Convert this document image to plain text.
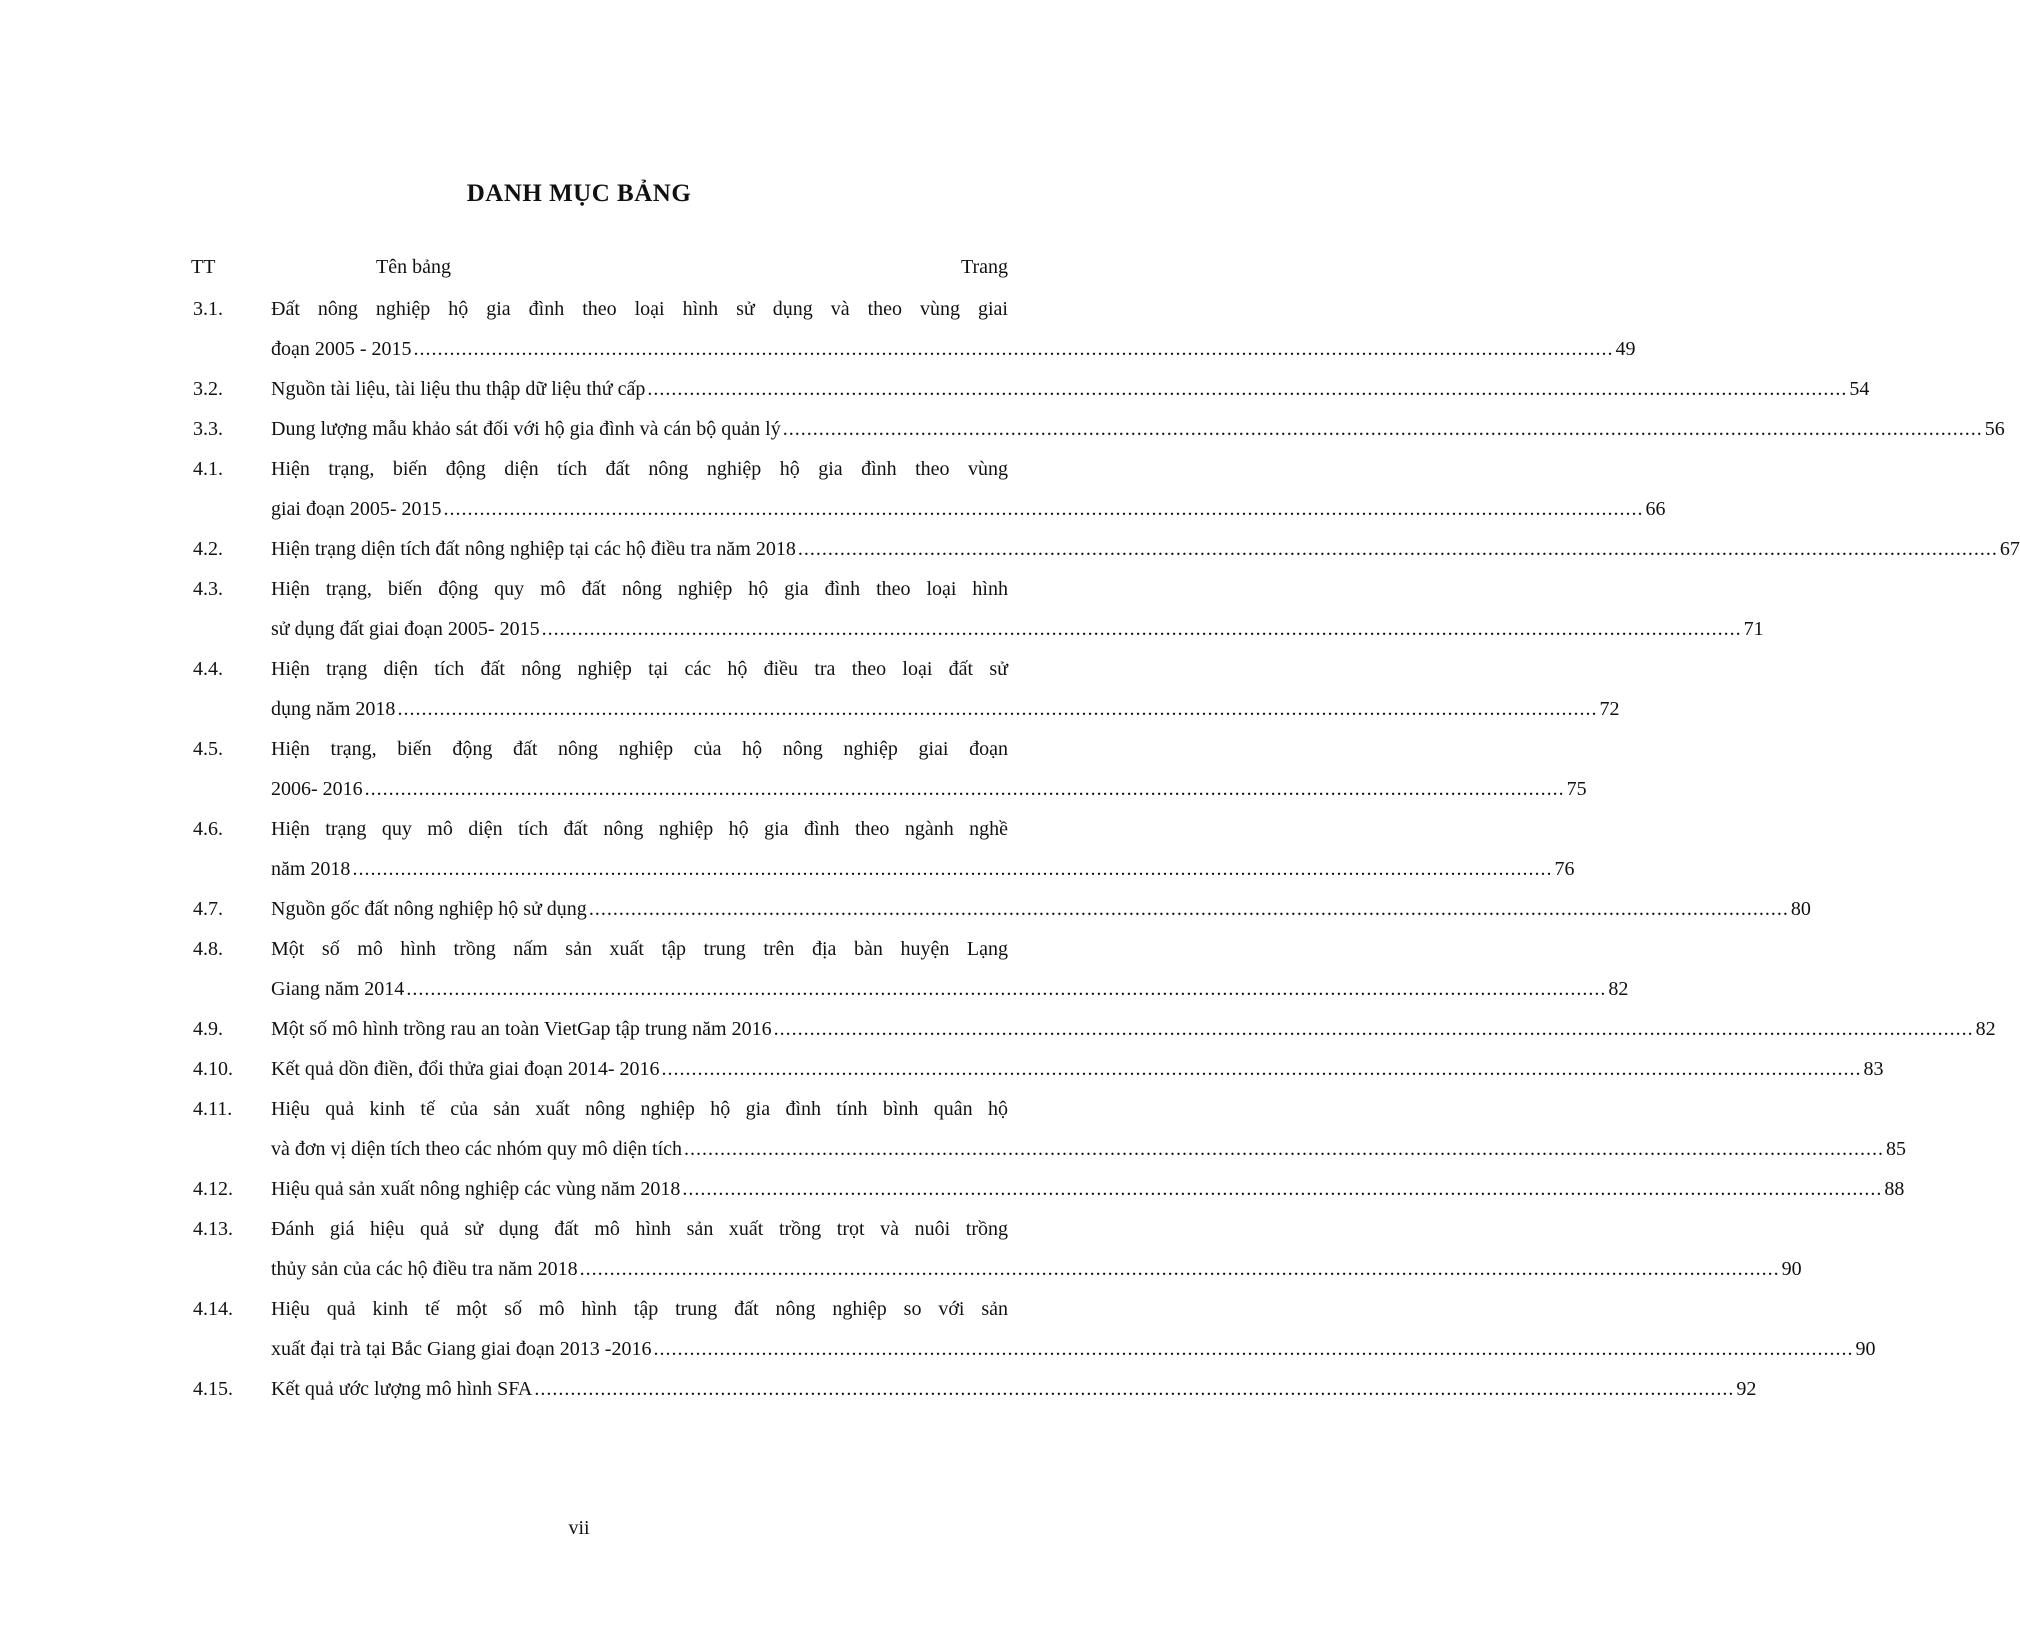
DANH MỤC BẢNG
TT	Tên bảng	Trang
3.1. Đất nông nghiệp hộ gia đình theo loại hình sử dụng và theo vùng giai
đoạn 2005 - 2015 ........................................................................................................................................................................................................ 49
3.2. Nguồn tài liệu, tài liệu thu thập dữ liệu thứ cấp ........................................................................................................................................................................................................ 54
3.3. Dung lượng mẫu khảo sát đối với hộ gia đình và cán bộ quản lý ........................................................................................................................................................................................................ 56
4.1. Hiện trạng, biến động diện tích đất nông nghiệp hộ gia đình theo vùng
giai đoạn 2005- 2015 ........................................................................................................................................................................................................ 66
4.2. Hiện trạng diện tích đất nông nghiệp tại các hộ điều tra năm 2018 ........................................................................................................................................................................................................ 67
4.3. Hiện trạng, biến động quy mô đất nông nghiệp hộ gia đình theo loại hình
sử dụng đất giai đoạn 2005- 2015 ........................................................................................................................................................................................................ 71
4.4. Hiện trạng diện tích đất nông nghiệp tại các hộ điều tra theo loại đất sử
dụng năm 2018 ........................................................................................................................................................................................................ 72
4.5. Hiện trạng, biến động đất nông nghiệp của hộ nông nghiệp giai đoạn
2006- 2016 ........................................................................................................................................................................................................ 75
4.6. Hiện trạng quy mô diện tích đất nông nghiệp hộ gia đình theo ngành nghề
năm 2018 ........................................................................................................................................................................................................ 76
4.7. Nguồn gốc đất nông nghiệp hộ sử dụng ........................................................................................................................................................................................................ 80
4.8. Một số mô hình trồng nấm sản xuất tập trung trên địa bàn huyện Lạng
Giang năm 2014 ........................................................................................................................................................................................................ 82
4.9. Một số mô hình trồng rau an toàn VietGap tập trung năm 2016 ........................................................................................................................................................................................................ 82
4.10. Kết quả dồn điền, đổi thửa giai đoạn 2014- 2016 ........................................................................................................................................................................................................ 83
4.11. Hiệu quả kinh tế của sản xuất nông nghiệp hộ gia đình tính bình quân hộ
và đơn vị diện tích theo các nhóm quy mô diện tích ........................................................................................................................................................................................................ 85
4.12. Hiệu quả sản xuất nông nghiệp các vùng năm 2018 ........................................................................................................................................................................................................ 88
4.13. Đánh giá hiệu quả sử dụng đất mô hình sản xuất trồng trọt và nuôi trồng
thủy sản của các hộ điều tra năm 2018 ........................................................................................................................................................................................................ 90
4.14. Hiệu quả kinh tế một số mô hình tập trung đất nông nghiệp so với sản
xuất đại trà tại Bắc Giang giai đoạn 2013 -2016 ........................................................................................................................................................................................................ 90
4.15. Kết quả ước lượng mô hình SFA ........................................................................................................................................................................................................ 92
vii
